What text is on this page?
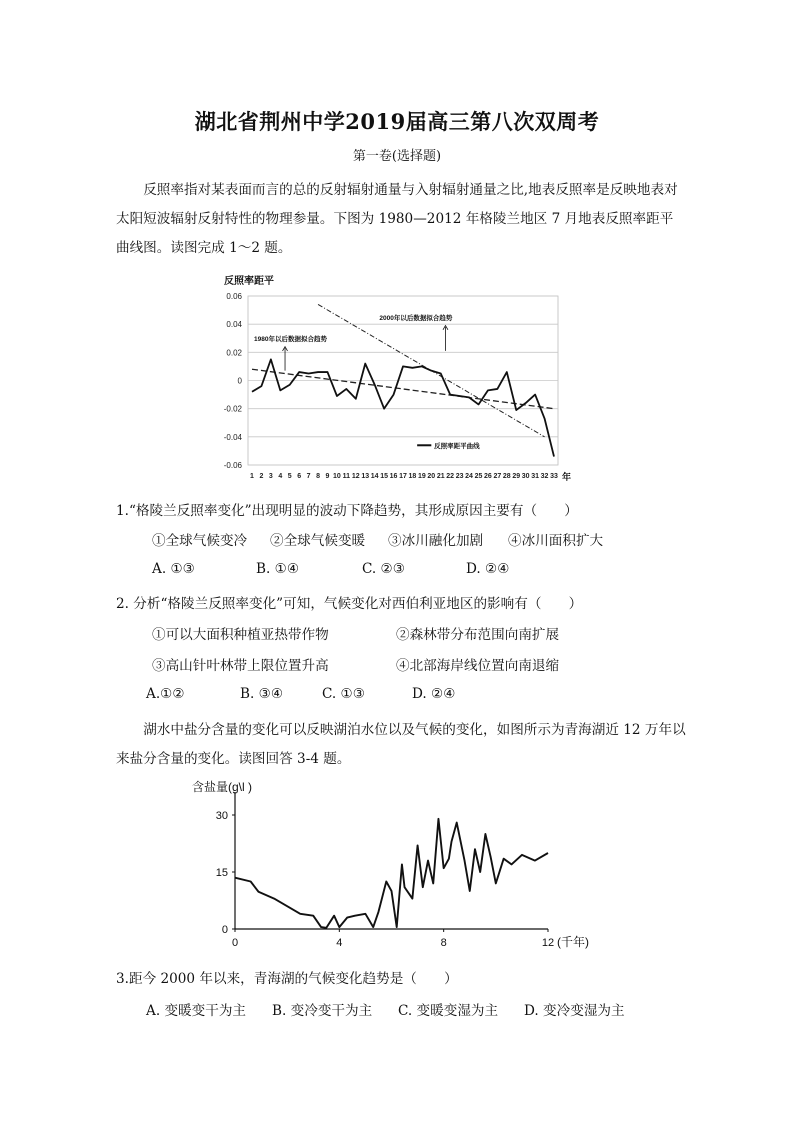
湖北省荆州中学2019届高三第八次双周考
第一卷(选择题)
反照率指对某表面而言的总的反射辐射通量与入射辐射通量之比,地表反照率是反映地表对太阳短波辐射反射特性的物理参量。下图为 1980—2012 年格陵兰地区 7 月地表反照率距平曲线图。读图完成 1～2 题。
0.06
0.04
0.02
0
-0.02
-0.04
-0.06
1 2 3 4 5 6 7 8 9 10 11 12 13 14 15 16 17 18 19 20 21 22 23 24 25 26 27 28 29 30 31 32 33
反照率距平
年
1980年以后数据拟合趋势
2000年以后数据拟合趋势
反照率距平曲线
1.“格陵兰反照率变化”出现明显的波动下降趋势，其形成原因主要有（　　）
①全球气候变冷 ②全球气候变暖 ③冰川融化加剧 ④冰川面积扩大
A. ①③	B. ①④	C. ②③	D. ②④
2. 分析“格陵兰反照率变化”可知，气候变化对西伯利亚地区的影响有（　　）
①可以大面积种植亚热带作物	②森林带分布范围向南扩展
③高山针叶林带上限位置升高	④北部海岸线位置向南退缩
A.①②	B. ③④	C. ①③	D. ②④
湖水中盐分含量的变化可以反映湖泊水位以及气候的变化，如图所示为青海湖近 12 万年以来盐分含量的变化。读图回答 3-4 题。
30
15
0
0	4	8	12
含盐量(g\l )
(千年)
3.距今 2000 年以来，青海湖的气候变化趋势是（　　）
A. 变暖变干为主 B. 变冷变干为主 C. 变暖变湿为主 D. 变冷变湿为主
